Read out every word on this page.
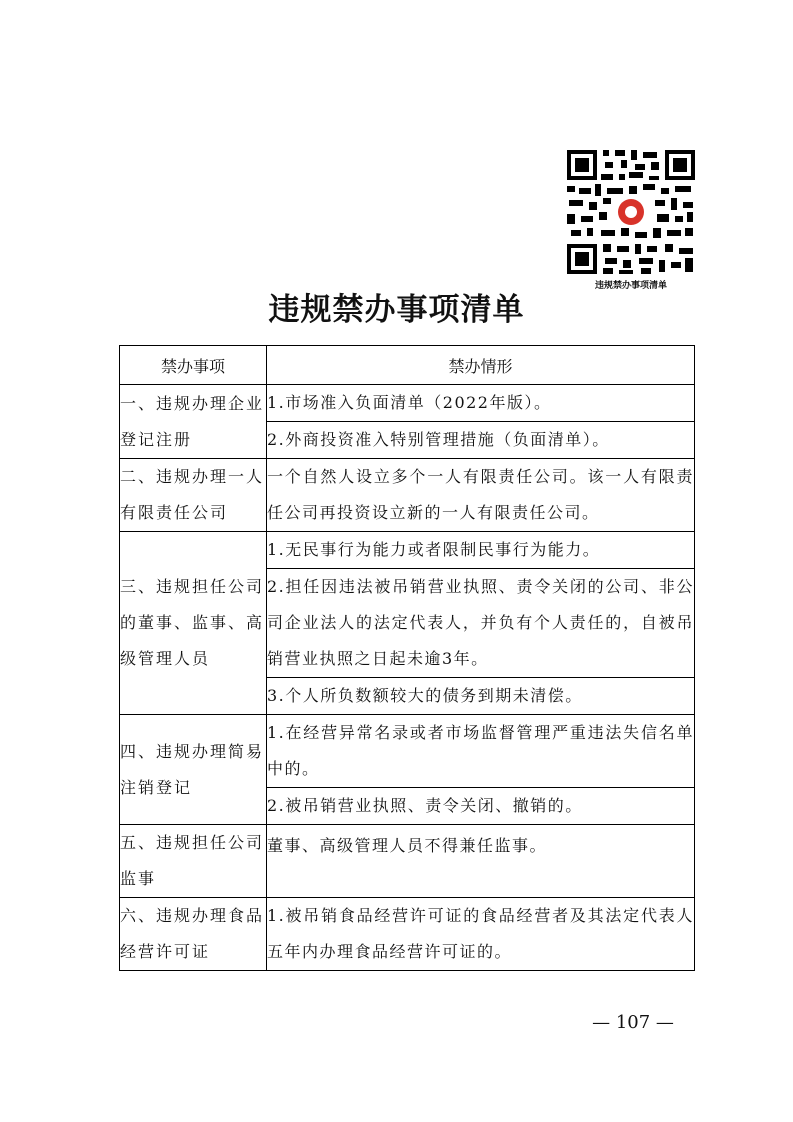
违规禁办事项清单
违规禁办事项清单
禁办事项	禁办情形
一、违规办理企业登记注册	1.市场准入负面清单（2022年版）。
	2.外商投资准入特别管理措施（负面清单）。
二、违规办理一人有限责任公司	一个自然人设立多个一人有限责任公司。该一人有限责任公司再投资设立新的一人有限责任公司。
三、违规担任公司的董事、监事、高级管理人员	1.无民事行为能力或者限制民事行为能力。
	2.担任因违法被吊销营业执照、责令关闭的公司、非公司企业法人的法定代表人，并负有个人责任的，自被吊销营业执照之日起未逾3年。
	3.个人所负数额较大的债务到期未清偿。
四、违规办理简易注销登记	1.在经营异常名录或者市场监督管理严重违法失信名单中的。
	2.被吊销营业执照、责令关闭、撤销的。
五、违规担任公司监事	董事、高级管理人员不得兼任监事。
六、违规办理食品经营许可证	1.被吊销食品经营许可证的食品经营者及其法定代表人五年内办理食品经营许可证的。
— 107 —
